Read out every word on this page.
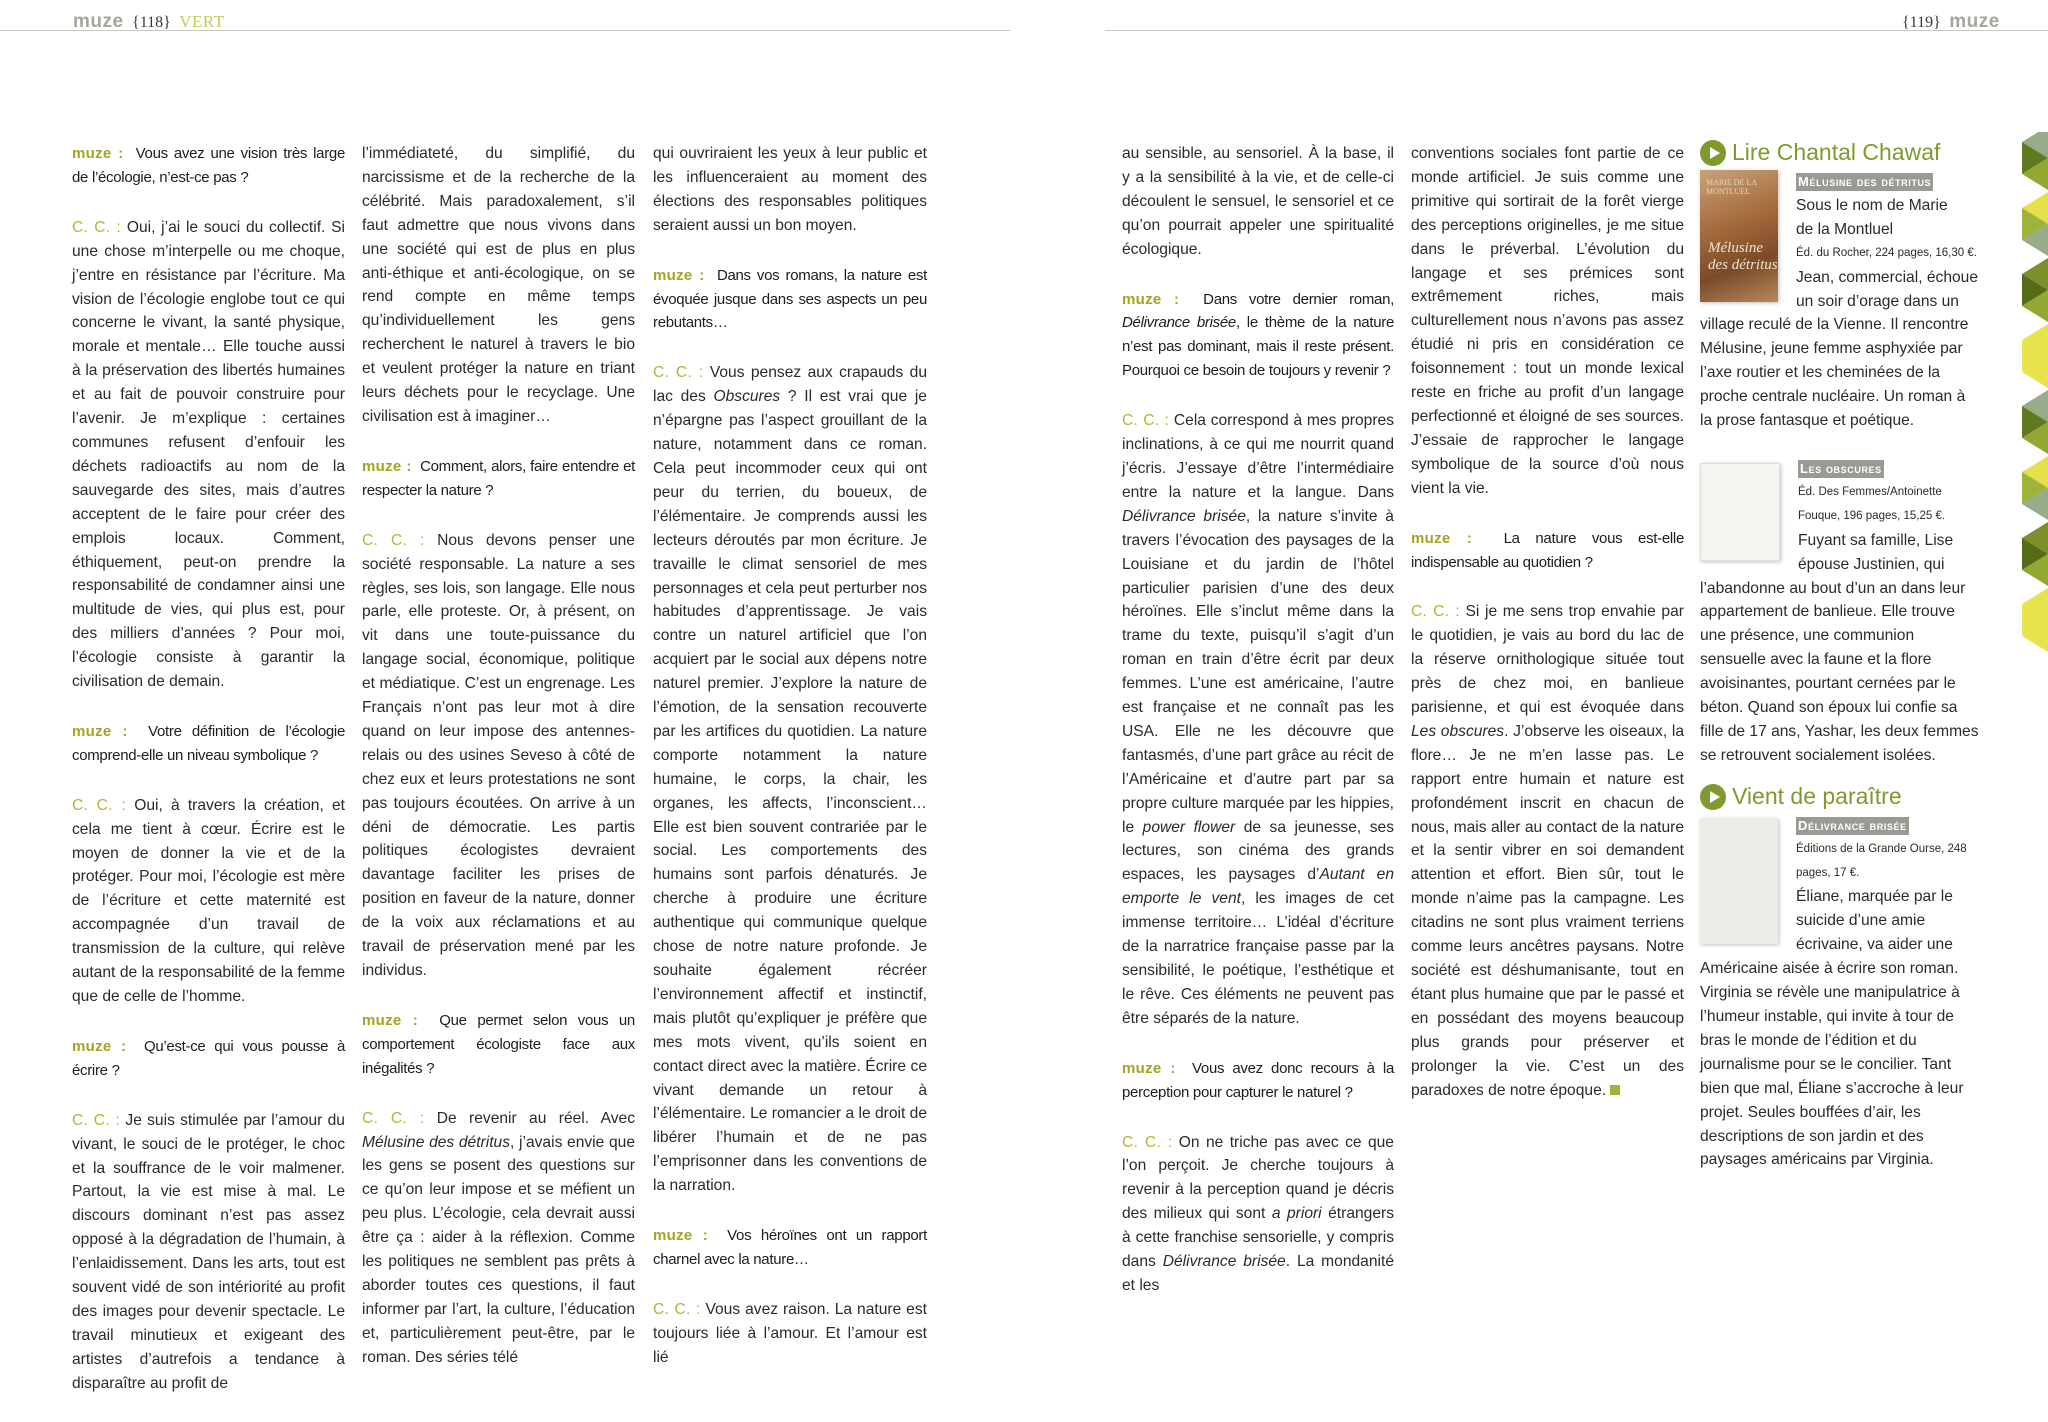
muze {118} VERT	{119} muze

muze : Vous avez une vision très large de l’écologie, n’est-ce pas ?

C. C. : Oui, j’ai le souci du collectif. Si une chose m’interpelle ou me choque, j’entre en résistance par l’écriture. Ma vision de l’écologie englobe tout ce qui concerne le vivant, la santé physique, morale et mentale… Elle touche aussi à la préservation des libertés humaines et au fait de pouvoir construire pour l’avenir. Je m’explique : certaines communes refusent d’enfouir les déchets radioactifs au nom de la sauvegarde des sites, mais d’autres acceptent de le faire pour créer des emplois locaux. Comment, éthiquement, peut-on prendre la responsabilité de condamner ainsi une multitude de vies, qui plus est, pour des milliers d’années ? Pour moi, l’écologie consiste à garantir la civilisation de demain.

muze : Votre définition de l’écologie comprend-elle un niveau symbolique ?

C. C. : Oui, à travers la création, et cela me tient à cœur. Écrire est le moyen de donner la vie et de la protéger. Pour moi, l’écologie est mère de l’écriture et cette maternité est accompagnée d’un travail de transmission de la culture, qui relève autant de la responsabilité de la femme que de celle de l’homme.

muze : Qu’est-ce qui vous pousse à écrire ?

C. C. : Je suis stimulée par l’amour du vivant, le souci de le protéger, le choc et la souffrance de le voir malmener. Partout, la vie est mise à mal. Le discours dominant n’est pas assez opposé à la dégradation de l’humain, à l’enlaidissement. Dans les arts, tout est souvent vidé de son intériorité au profit des images pour devenir spectacle. Le travail minutieux et exigeant des artistes d’autrefois a tendance à disparaître au profit de

l’immédiateté, du simplifié, du narcissisme et de la recherche de la célébrité. Mais paradoxalement, s’il faut admettre que nous vivons dans une société qui est de plus en plus anti-éthique et anti-écologique, on se rend compte en même temps qu’individuellement les gens recherchent le naturel à travers le bio et veulent protéger la nature en triant leurs déchets pour le recyclage. Une civilisation est à imaginer…

muze : Comment, alors, faire entendre et respecter la nature ?

C. C. : Nous devons penser une société responsable. La nature a ses règles, ses lois, son langage. Elle nous parle, elle proteste. Or, à présent, on vit dans une toute-puissance du langage social, économique, politique et médiatique. C’est un engrenage. Les Français n’ont pas leur mot à dire quand on leur impose des antennes-relais ou des usines Seveso à côté de chez eux et leurs protestations ne sont pas toujours écoutées. On arrive à un déni de démocratie. Les partis politiques écologistes devraient davantage faciliter les prises de position en faveur de la nature, donner de la voix aux réclamations et au travail de préservation mené par les individus.

muze : Que permet selon vous un comportement écologiste face aux inégalités ?

C. C. : De revenir au réel. Avec Mélusine des détritus, j’avais envie que les gens se posent des questions sur ce qu’on leur impose et se méfient un peu plus. L’écologie, cela devrait aussi être ça : aider à la réflexion. Comme les politiques ne semblent pas prêts à aborder toutes ces questions, il faut informer par l’art, la culture, l’éducation et, particulièrement peut-être, par le roman. Des séries télé

qui ouvriraient les yeux à leur public et les influenceraient au moment des élections des responsables politiques seraient aussi un bon moyen.

muze : Dans vos romans, la nature est évoquée jusque dans ses aspects un peu rebutants…

C. C. : Vous pensez aux crapauds du lac des Obscures ? Il est vrai que je n’épargne pas l’aspect grouillant de la nature, notamment dans ce roman. Cela peut incommoder ceux qui ont peur du terrien, du boueux, de l’élémentaire. Je comprends aussi les lecteurs déroutés par mon écriture. Je travaille le climat sensoriel de mes personnages et cela peut perturber nos habitudes d’apprentissage. Je vais contre un naturel artificiel que l’on acquiert par le social aux dépens notre naturel premier. J’explore la nature de l’émotion, de la sensation recouverte par les artifices du quotidien. La nature comporte notamment la nature humaine, le corps, la chair, les organes, les affects, l’inconscient… Elle est bien souvent contrariée par le social. Les comportements des humains sont parfois dénaturés. Je cherche à produire une écriture authentique qui communique quelque chose de notre nature profonde. Je souhaite également récréer l’environnement affectif et instinctif, mais plutôt qu’expliquer je préfère que mes mots vivent, qu’ils soient en contact direct avec la matière. Écrire ce vivant demande un retour à l’élémentaire. Le romancier a le droit de libérer l’humain et de ne pas l’emprisonner dans les conventions de la narration.

muze : Vos héroïnes ont un rapport charnel avec la nature…

C. C. : Vous avez raison. La nature est toujours liée à l’amour. Et l’amour est lié

au sensible, au sensoriel. À la base, il y a la sensibilité à la vie, et de celle-ci découlent le sensuel, le sensoriel et ce qu’on pourrait appeler une spiritualité écologique.

muze : Dans votre dernier roman, Délivrance brisée, le thème de la nature n’est pas dominant, mais il reste présent. Pourquoi ce besoin de toujours y revenir ?

C. C. : Cela correspond à mes propres inclinations, à ce qui me nourrit quand j’écris. J’essaye d’être l’intermédiaire entre la nature et la langue. Dans Délivrance brisée, la nature s’invite à travers l’évocation des paysages de la Louisiane et du jardin de l’hôtel particulier parisien d’une des deux héroïnes. Elle s’inclut même dans la trame du texte, puisqu’il s’agit d’un roman en train d’être écrit par deux femmes. L’une est américaine, l’autre est française et ne connaît pas les USA. Elle ne les découvre que fantasmés, d’une part grâce au récit de l’Américaine et d’autre part par sa propre culture marquée par les hippies, le power flower de sa jeunesse, ses lectures, son cinéma des grands espaces, les paysages d’Autant en emporte le vent, les images de cet immense territoire… L’idéal d’écriture de la narratrice française passe par la sensibilité, le poétique, l’esthétique et le rêve. Ces éléments ne peuvent pas être séparés de la nature.

muze : Vous avez donc recours à la perception pour capturer le naturel ?

C. C. : On ne triche pas avec ce que l’on perçoit. Je cherche toujours à revenir à la perception quand je décris des milieux qui sont a priori étrangers à cette franchise sensorielle, y compris dans Délivrance brisée. La mondanité et les

conventions sociales font partie de ce monde artificiel. Je suis comme une primitive qui sortirait de la forêt vierge des perceptions originelles, je me situe dans le préverbal. L’évolution du langage et ses prémices sont extrêmement riches, mais culturellement nous n’avons pas assez étudié ni pris en considération ce foisonnement : tout un monde lexical reste en friche au profit d’un langage perfectionné et éloigné de ses sources. J’essaie de rapprocher le langage symbolique de la source d’où nous vient la vie.

muze : La nature vous est-elle indispensable au quotidien ?

C. C. : Si je me sens trop envahie par le quotidien, je vais au bord du lac de la réserve ornithologique située tout près de chez moi, en banlieue parisienne, et qui est évoquée dans Les obscures. J’observe les oiseaux, la flore… Je ne m’en lasse pas. Le rapport entre humain et nature est profondément inscrit en chacun de nous, mais aller au contact de la nature et la sentir vibrer en soi demandent attention et effort. Bien sûr, tout le monde n’aime pas la campagne. Les citadins ne sont plus vraiment terriens comme leurs ancêtres paysans. Notre société est déshumanisante, tout en étant plus humaine que par le passé et en possédant des moyens beaucoup plus grands pour préserver et prolonger la vie. C’est un des paradoxes de notre époque.

Lire Chantal Chawaf
MARIE DE LA MONTLUEL
Mélusine des détritus
Mélusine des détritus
Sous le nom de Marie de la Montluel
Éd. du Rocher, 224 pages, 16,30 €.
Jean, commercial, échoue un soir d’orage dans un village reculé de la Vienne. Il rencontre Mélusine, jeune femme asphyxiée par l’axe routier et les cheminées de la proche centrale nucléaire. Un roman à la prose fantasque et poétique.
Les obscures
Éd. Des Femmes/Antoinette Fouque, 196 pages, 15,25 €.
Fuyant sa famille, Lise épouse Justinien, qui l’abandonne au bout d’un an dans leur appartement de banlieue. Elle trouve une présence, une communion sensuelle avec la faune et la flore avoisinantes, pourtant cernées par le béton. Quand son époux lui confie sa fille de 17 ans, Yashar, les deux femmes se retrouvent socialement isolées.
Vient de paraître
Délivrance brisée
Éditions de la Grande Ourse, 248 pages, 17 €.
Éliane, marquée par le suicide d’une amie écrivaine, va aider une Américaine aisée à écrire son roman. Virginia se révèle une manipulatrice à l’humeur instable, qui invite à tour de bras le monde de l’édition et du journalisme pour se le concilier. Tant bien que mal, Éliane s’accroche à leur projet. Seules bouffées d’air, les descriptions de son jardin et des paysages américains par Virginia.
